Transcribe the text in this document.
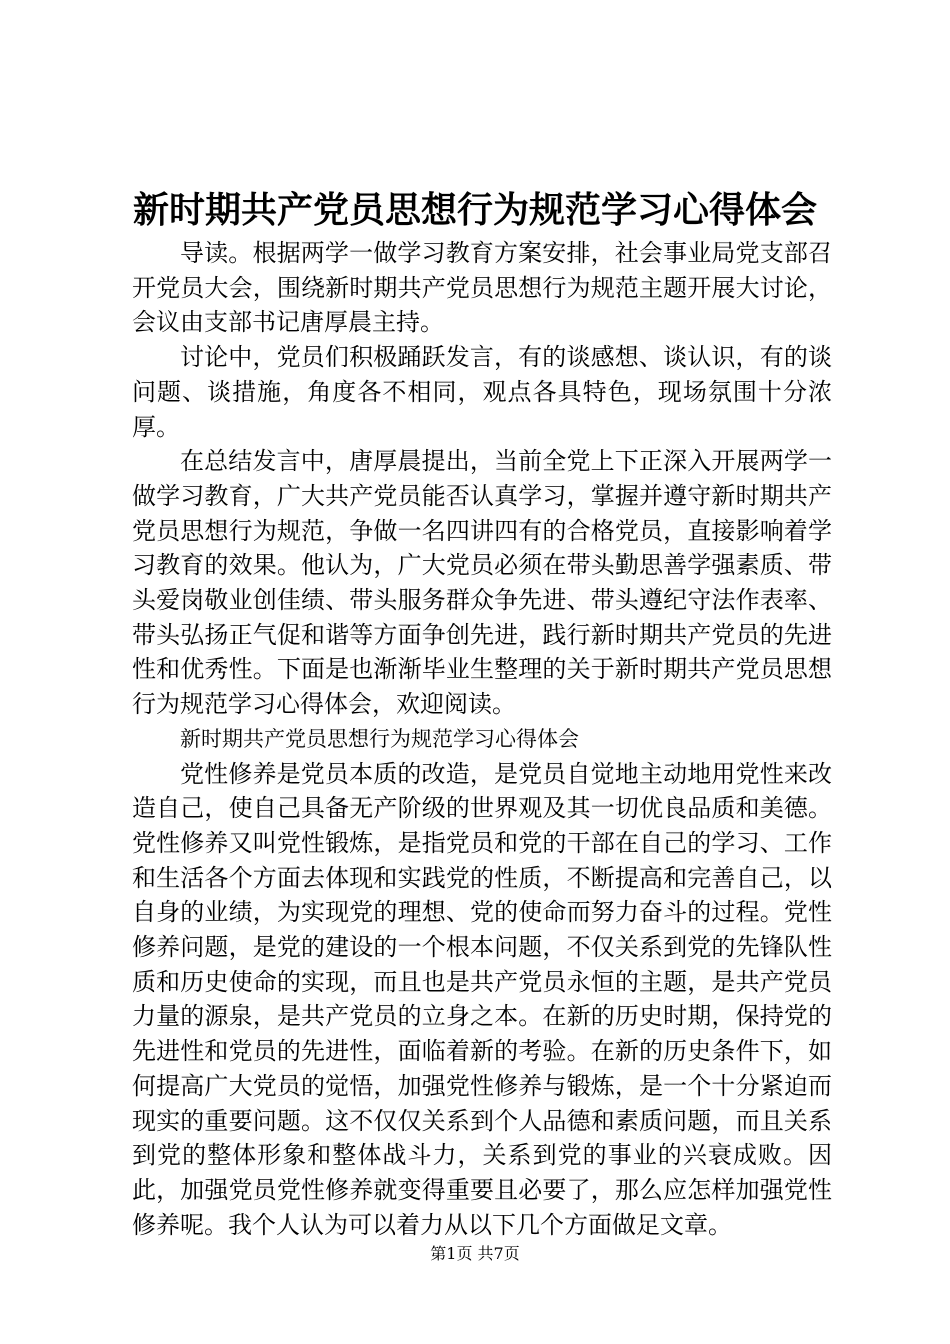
新时期共产党员思想行为规范学习心得体会

导读。根据两学一做学习教育方案安排，社会事业局党支部召开党员大会，围绕新时期共产党员思想行为规范主题开展大讨论，会议由支部书记唐厚晨主持。

讨论中，党员们积极踊跃发言，有的谈感想、谈认识，有的谈问题、谈措施，角度各不相同，观点各具特色，现场氛围十分浓厚。

在总结发言中，唐厚晨提出，当前全党上下正深入开展两学一做学习教育，广大共产党员能否认真学习，掌握并遵守新时期共产党员思想行为规范，争做一名四讲四有的合格党员，直接影响着学习教育的效果。他认为，广大党员必须在带头勤思善学强素质、带头爱岗敬业创佳绩、带头服务群众争先进、带头遵纪守法作表率、带头弘扬正气促和谐等方面争创先进，践行新时期共产党员的先进性和优秀性。下面是也渐渐毕业生整理的关于新时期共产党员思想行为规范学习心得体会，欢迎阅读。

新时期共产党员思想行为规范学习心得体会

党性修养是党员本质的改造，是党员自觉地主动地用党性来改造自己，使自己具备无产阶级的世界观及其一切优良品质和美德。党性修养又叫党性锻炼，是指党员和党的干部在自己的学习、工作和生活各个方面去体现和实践党的性质，不断提高和完善自己，以自身的业绩，为实现党的理想、党的使命而努力奋斗的过程。党性修养问题，是党的建设的一个根本问题，不仅关系到党的先锋队性质和历史使命的实现，而且也是共产党员永恒的主题，是共产党员力量的源泉，是共产党员的立身之本。在新的历史时期，保持党的先进性和党员的先进性，面临着新的考验。在新的历史条件下，如何提高广大党员的觉悟，加强党性修养与锻炼，是一个十分紧迫而现实的重要问题。这不仅仅关系到个人品德和素质问题，而且关系到党的整体形象和整体战斗力，关系到党的事业的兴衰成败。因此，加强党员党性修养就变得重要且必要了，那么应怎样加强党性修养呢。我个人认为可以着力从以下几个方面做足文章。

第1页 共7页
